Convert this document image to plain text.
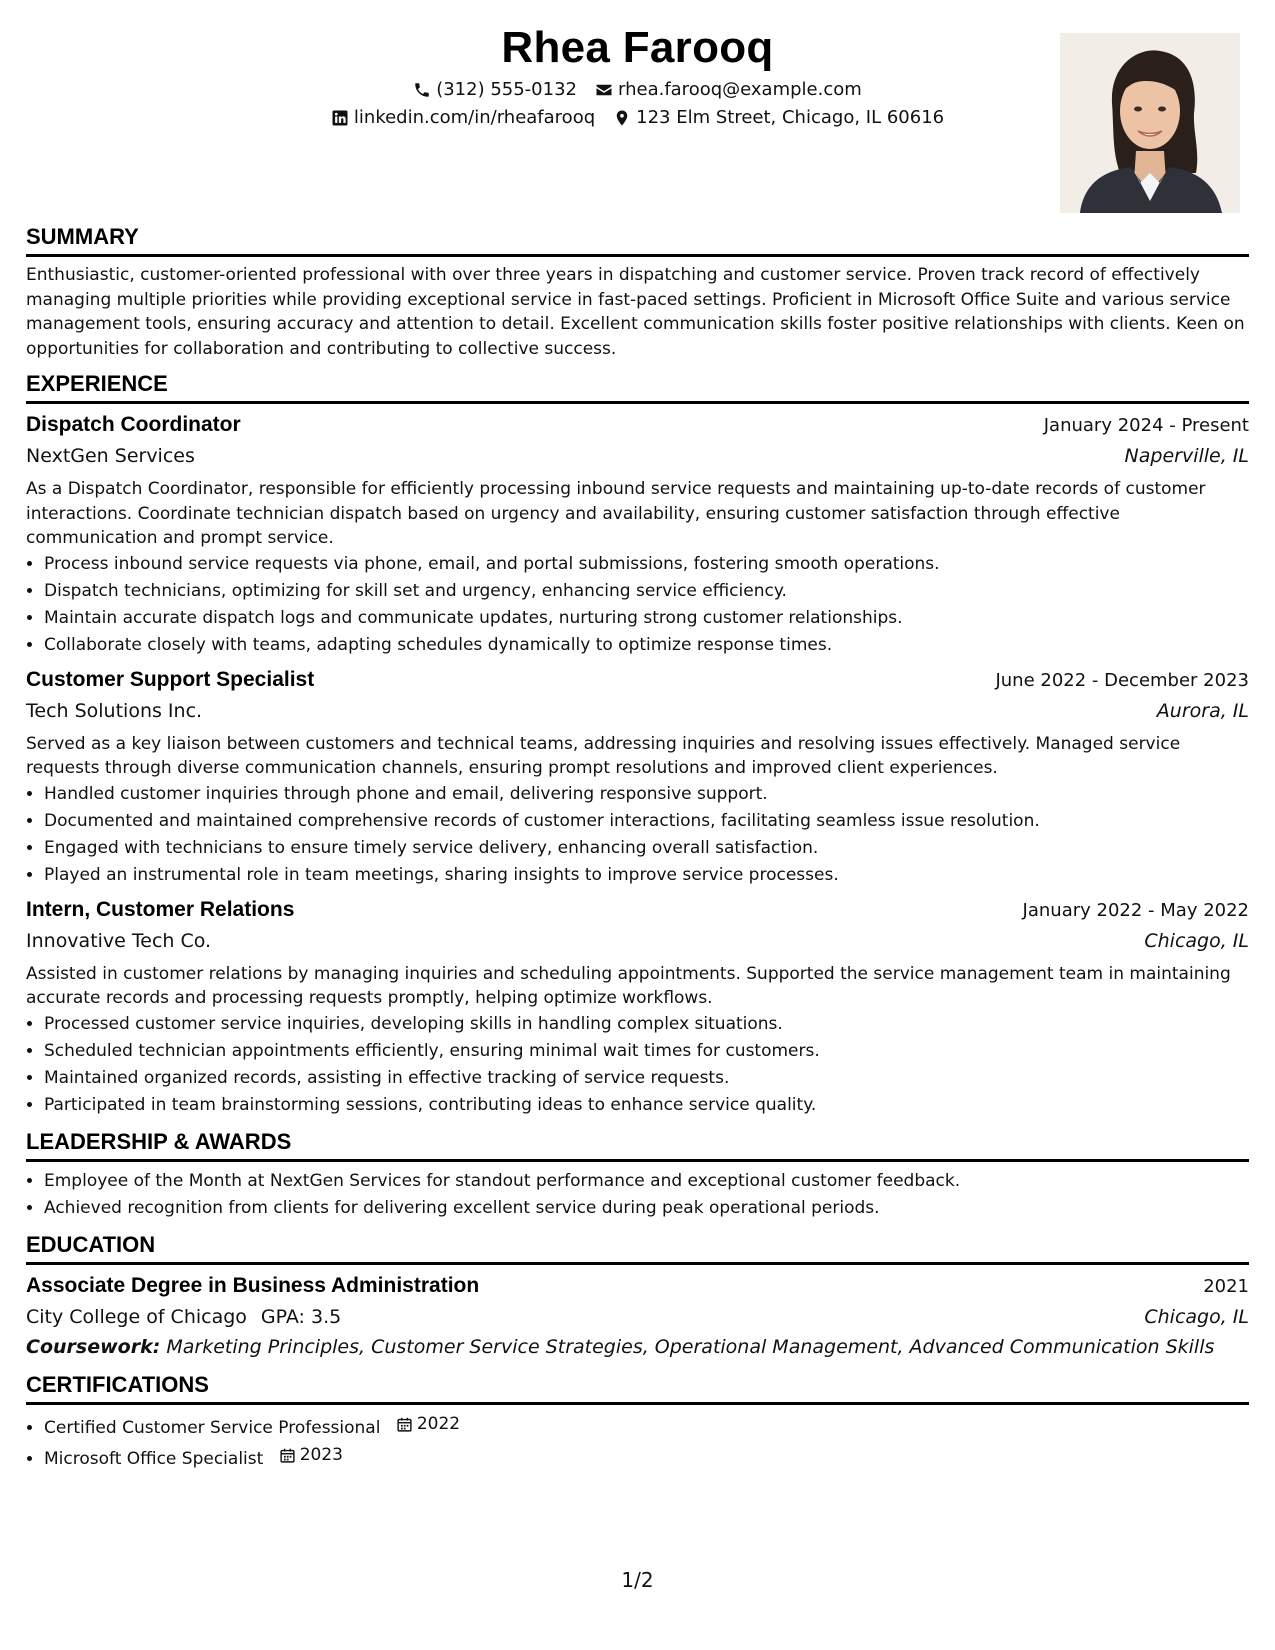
Rhea Farooq
(312) 555-0132 rhea.farooq@example.com
linkedin.com/in/rheafarooq 123 Elm Street, Chicago, IL 60616
SUMMARY
Enthusiastic, customer-oriented professional with over three years in dispatching and customer service. Proven track record of effectively managing multiple priorities while providing exceptional service in fast-paced settings. Proficient in Microsoft Office Suite and various service management tools, ensuring accuracy and attention to detail. Excellent communication skills foster positive relationships with clients. Keen on opportunities for collaboration and contributing to collective success.
EXPERIENCE
Dispatch Coordinator	January 2024 - Present
NextGen Services	Naperville, IL
As a Dispatch Coordinator, responsible for efficiently processing inbound service requests and maintaining up-to-date records of customer interactions. Coordinate technician dispatch based on urgency and availability, ensuring customer satisfaction through effective communication and prompt service.
• Process inbound service requests via phone, email, and portal submissions, fostering smooth operations.
• Dispatch technicians, optimizing for skill set and urgency, enhancing service efficiency.
• Maintain accurate dispatch logs and communicate updates, nurturing strong customer relationships.
• Collaborate closely with teams, adapting schedules dynamically to optimize response times.
Customer Support Specialist	June 2022 - December 2023
Tech Solutions Inc.	Aurora, IL
Served as a key liaison between customers and technical teams, addressing inquiries and resolving issues effectively. Managed service requests through diverse communication channels, ensuring prompt resolutions and improved client experiences.
• Handled customer inquiries through phone and email, delivering responsive support.
• Documented and maintained comprehensive records of customer interactions, facilitating seamless issue resolution.
• Engaged with technicians to ensure timely service delivery, enhancing overall satisfaction.
• Played an instrumental role in team meetings, sharing insights to improve service processes.
Intern, Customer Relations	January 2022 - May 2022
Innovative Tech Co.	Chicago, IL
Assisted in customer relations by managing inquiries and scheduling appointments. Supported the service management team in maintaining accurate records and processing requests promptly, helping optimize workflows.
• Processed customer service inquiries, developing skills in handling complex situations.
• Scheduled technician appointments efficiently, ensuring minimal wait times for customers.
• Maintained organized records, assisting in effective tracking of service requests.
• Participated in team brainstorming sessions, contributing ideas to enhance service quality.
LEADERSHIP & AWARDS
• Employee of the Month at NextGen Services for standout performance and exceptional customer feedback.
• Achieved recognition from clients for delivering excellent service during peak operational periods.
EDUCATION
Associate Degree in Business Administration	2021
City College of Chicago GPA: 3.5	Chicago, IL
Coursework: Marketing Principles, Customer Service Strategies, Operational Management, Advanced Communication Skills
CERTIFICATIONS
• Certified Customer Service Professional 2022
• Microsoft Office Specialist 2023
1/2
